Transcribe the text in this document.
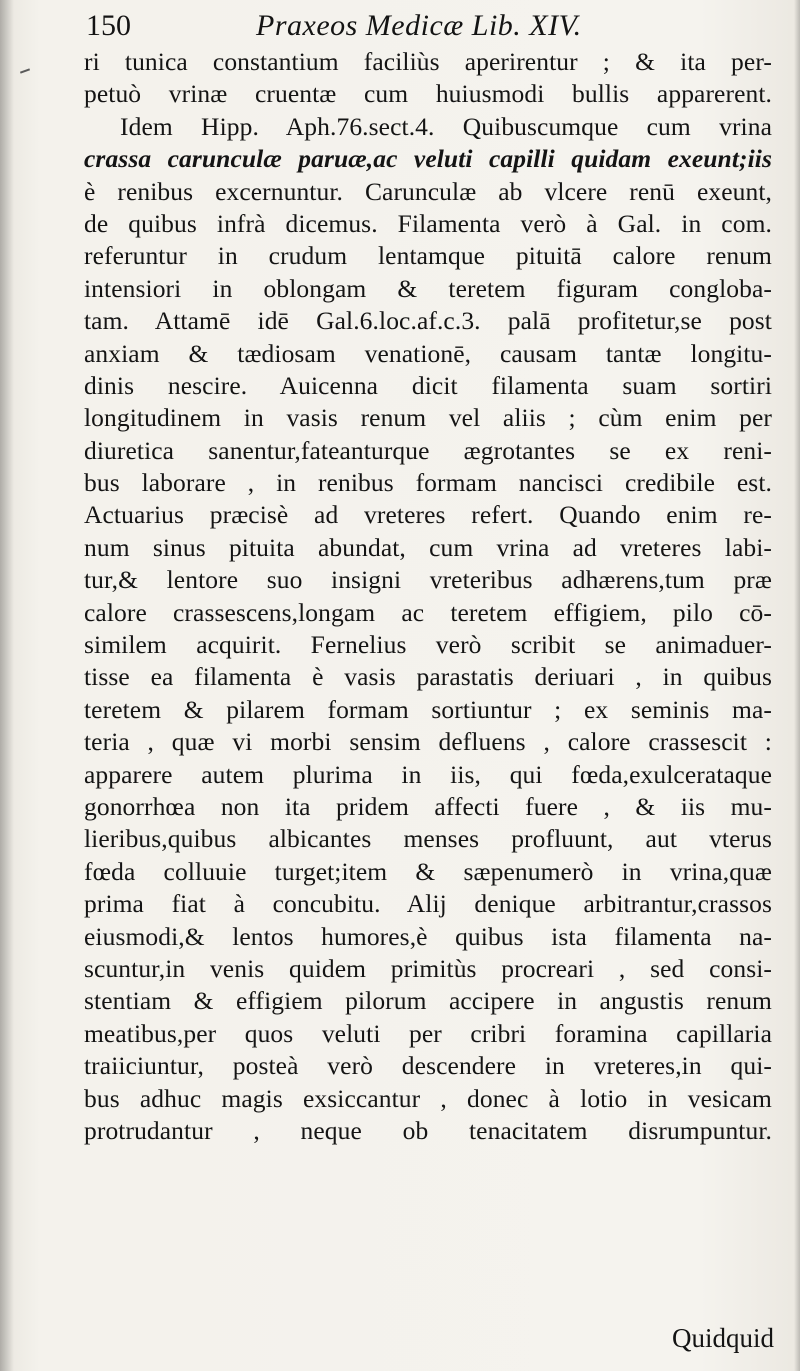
150	Praxeos Medicæ Lib. XIV.
ri tunica constantium faciliùs aperirentur ; & ita per-
petuò vrinæ cruentæ cum huiusmodi bullis apparerent.
Idem Hipp. Aph.76.sect.4. Quibuscumque cum vrina
crassa carunculæ paruæ,ac veluti capilli quidam exeunt;iis
è renibus excernuntur. Carunculæ ab vlcere renū exeunt,
de quibus infrà dicemus. Filamenta verò à Gal. in com.
referuntur in crudum lentamque pituitā calore renum
intensiori in oblongam & teretem figuram congloba-
tam. Attamē idē Gal.6.loc.af.c.3. palā profitetur,se post
anxiam & tædiosam venationē, causam tantæ longitu-
dinis nescire. Auicenna dicit filamenta suam sortiri
longitudinem in vasis renum vel aliis ; cùm enim per
diuretica sanentur,fateanturque ægrotantes se ex reni-
bus laborare , in renibus formam nancisci credibile est.
Actuarius præcisè ad vreteres refert. Quando enim re-
num sinus pituita abundat, cum vrina ad vreteres labi-
tur,& lentore suo insigni vreteribus adhærens,tum præ
calore crassescens,longam ac teretem effigiem, pilo cō-
similem acquirit. Fernelius verò scribit se animaduer-
tisse ea filamenta è vasis parastatis deriuari , in quibus
teretem & pilarem formam sortiuntur ; ex seminis ma-
teria , quæ vi morbi sensim defluens , calore crassescit :
apparere autem plurima in iis, qui fœda,exulcerataque
gonorrhœa non ita pridem affecti fuere , & iis mu-
lieribus,quibus albicantes menses profluunt, aut vterus
fœda colluuie turget;item & sæpenumerò in vrina,quæ
prima fiat à concubitu. Alij denique arbitrantur,crassos
eiusmodi,& lentos humores,è quibus ista filamenta na-
scuntur,in venis quidem primitùs procreari , sed consi-
stentiam & effigiem pilorum accipere in angustis renum
meatibus,per quos veluti per cribri foramina capillaria
traiiciuntur, posteà verò descendere in vreteres,in qui-
bus adhuc magis exsiccantur , donec à lotio in vesicam
protrudantur , neque ob tenacitatem disrumpuntur.
Quidquid
